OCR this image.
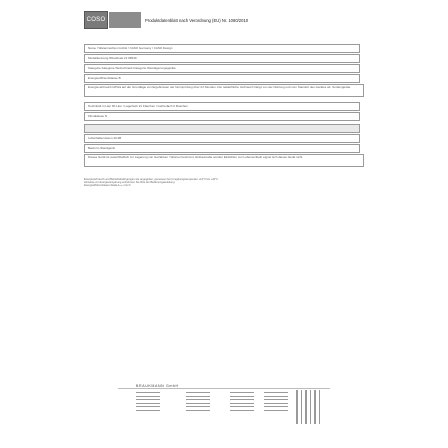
COSO	Produktdatenblatt nach Verordnung (EU) Nr. 1060/2010
Name / Warenzeichen GmbH / CASO Germany / CASO Design
Modellkennung WineDuett 21 #6530
Kategorie Kategorie Weinschrank Kategorie Weinlagerungsgeräte
Energieeffizienzklasse B
Energieverbrauch kWh/a auf der Grundlage von Ergebnissen der Normprüfung über 24 Stunden. Der tatsächliche Verbrauch hängt von der Nutzung und vom Standort des Gerätes ab. Sondergeräte
Nutzinhalt in Liter 60 Liter / Lagerfach 21 Flaschen / Gefrierfach 0 Flaschen
Klimaklasse N
Luftschallemission 40 dB
Bauform Standgerät
Dieses Gerät ist ausschließlich zur Lagerung von Getränken / Weinen bestimmt. Einbaumaße werden Einkühlen von Lebensmitteln eignet sich dieses Gerät nicht
Energieverbrauch und Betriebsbedingungen wie angegeben, gemessen bei Umgebungstemperatur +16°C bis +32°C
Hinweise zur Energieeinsparung entnehmen Sie bitte der Bedienungsanleitung
Energieeffizienzklasse Skala A+++ bis D
BRAUKMANN GmbH
